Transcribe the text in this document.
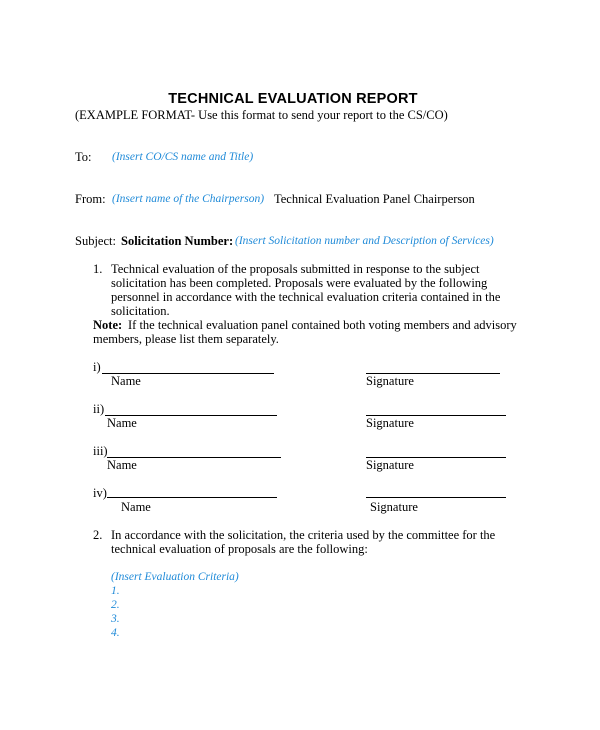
TECHNICAL EVALUATION REPORT
(EXAMPLE FORMAT- Use this format to send your report to the CS/CO)
To: (Insert CO/CS name and Title)
From: (Insert name of the Chairperson) Technical Evaluation Panel Chairperson
Subject: Solicitation Number: (Insert Solicitation number and Description of Services)
1. Technical evaluation of the proposals submitted in response to the subject
solicitation has been completed. Proposals were evaluated by the following
personnel in accordance with the technical evaluation criteria contained in the
solicitation.
Note: If the technical evaluation panel contained both voting members and advisory
members, please list them separately.
i)
Name	Signature
ii)
Name	Signature
iii)
Name	Signature
iv)
Name	Signature
2. In accordance with the solicitation, the criteria used by the committee for the
technical evaluation of proposals are the following:
(Insert Evaluation Criteria)
1.
2.
3.
4.
